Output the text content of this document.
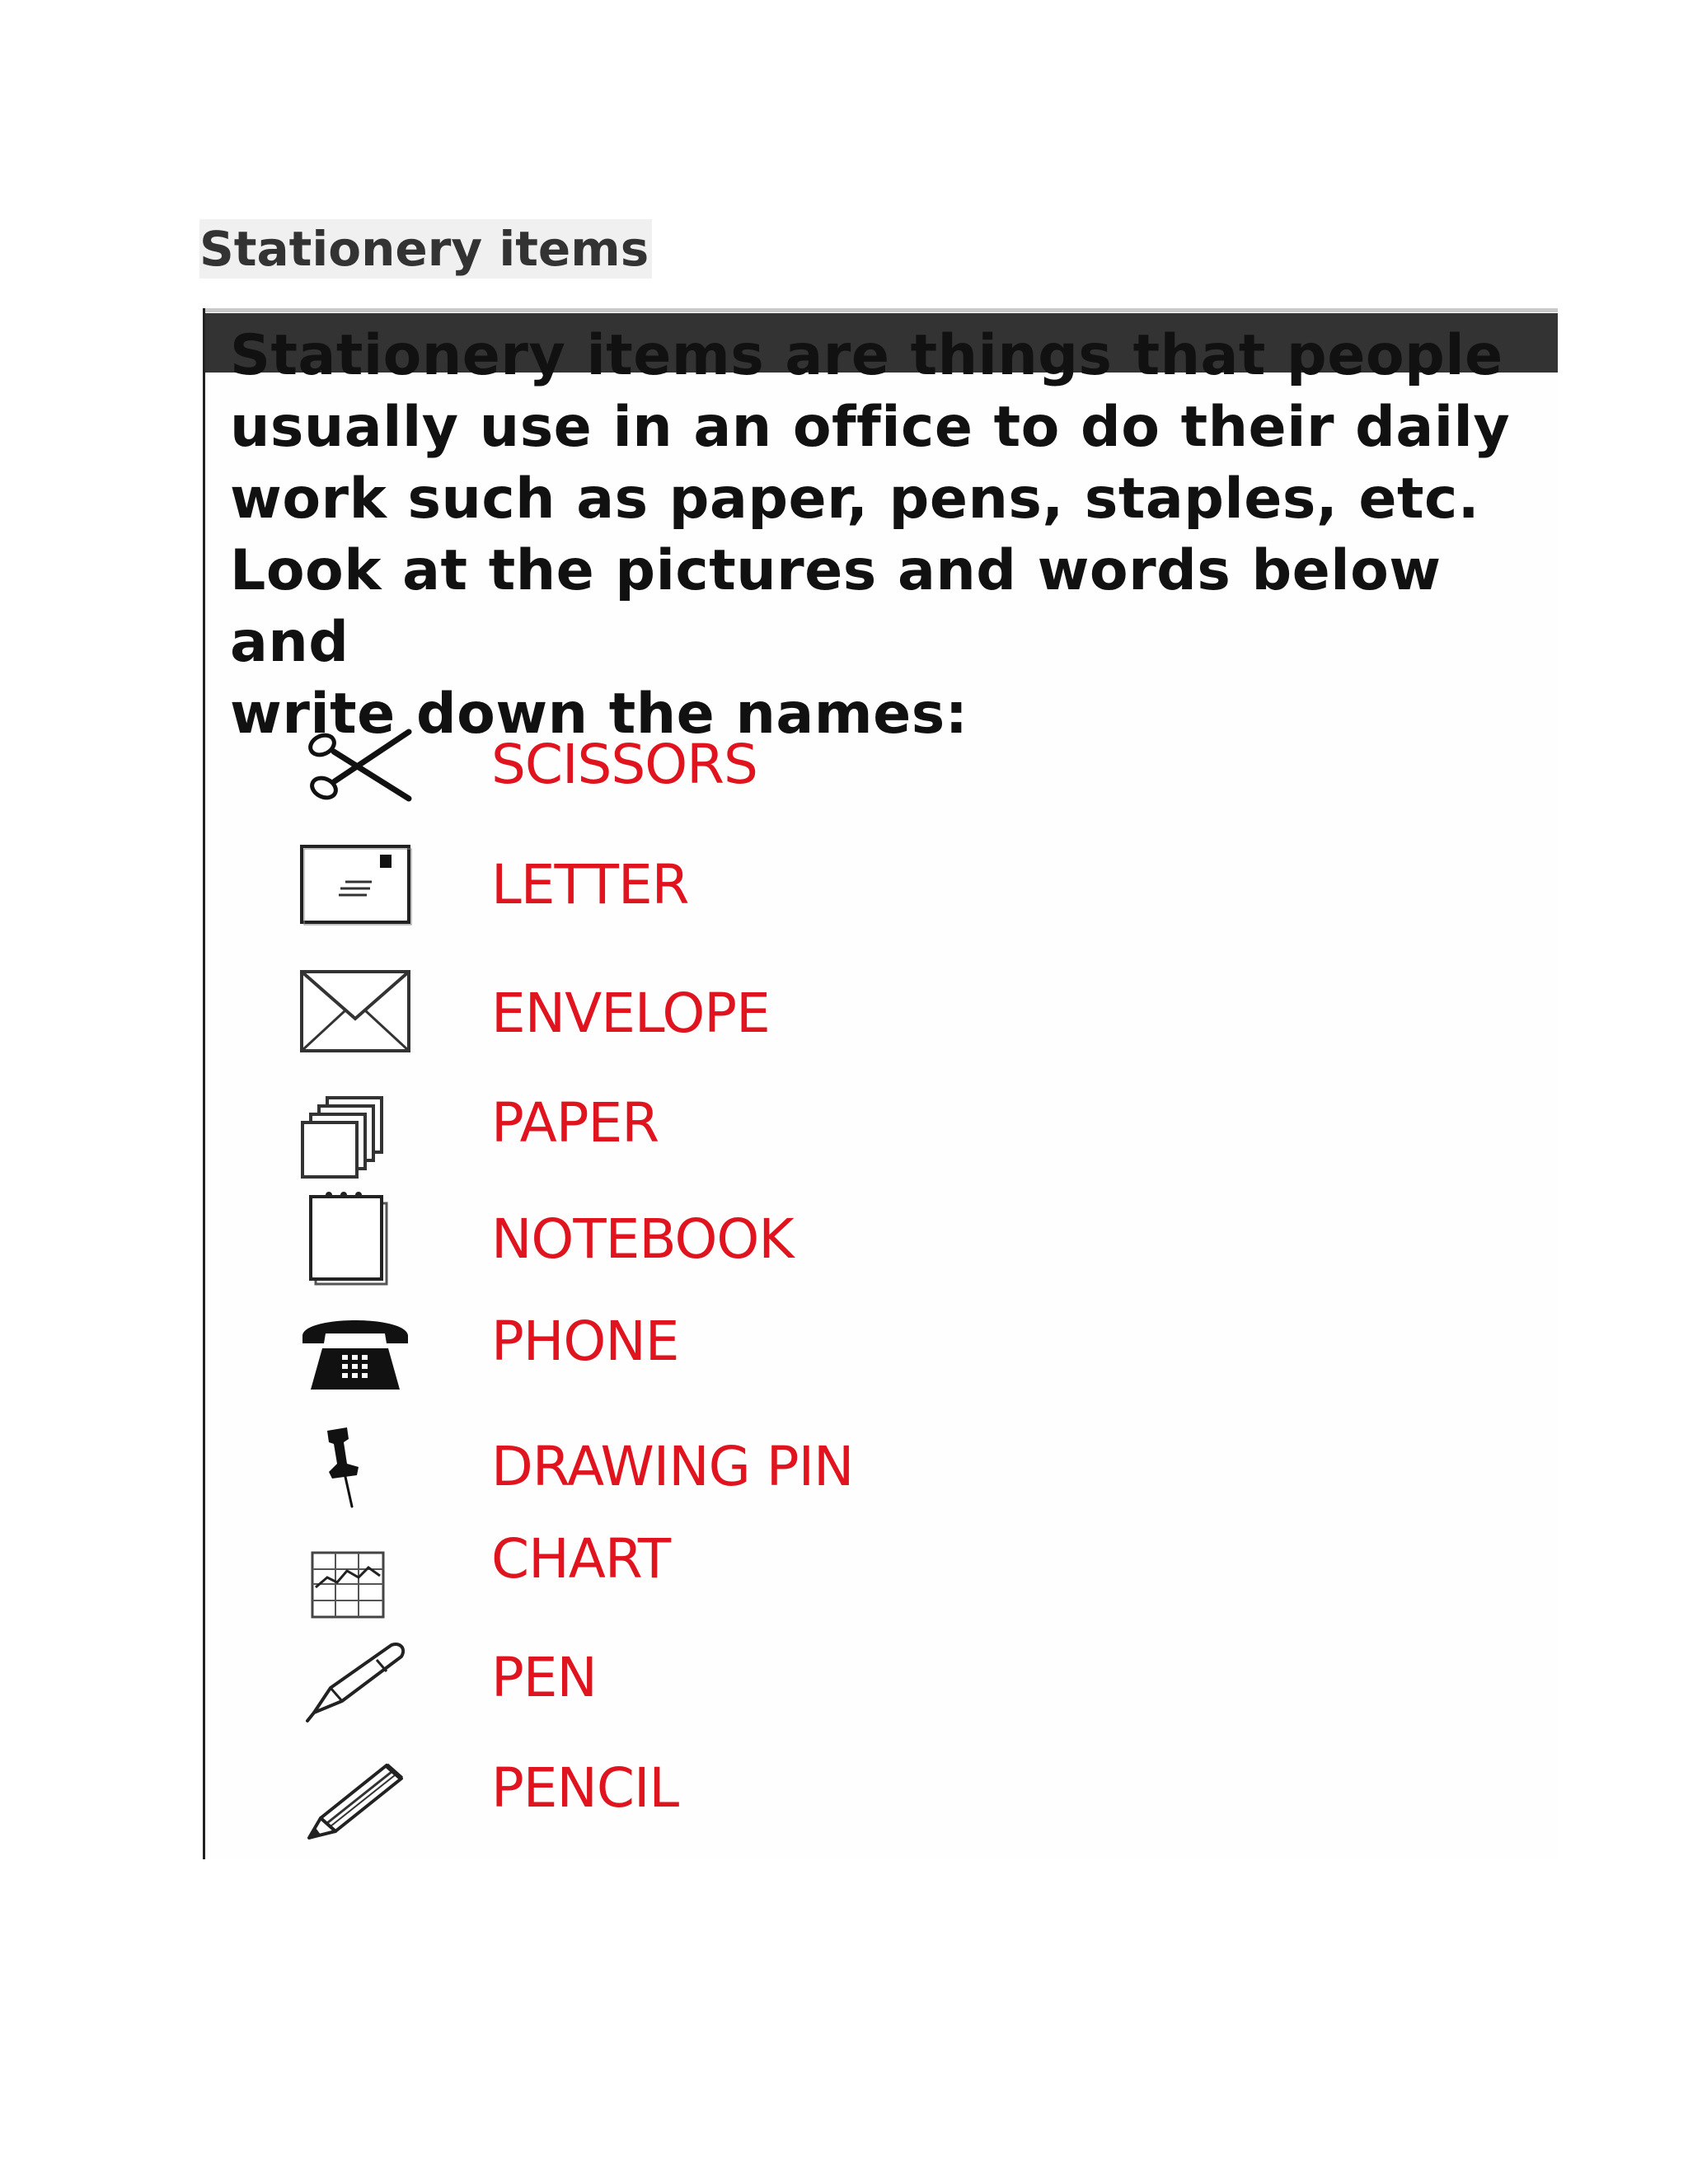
Stationery items
Stationery items are things that people
usually use in an office to do their daily
work such as paper, pens, staples, etc.
Look at the pictures and words below and
write down the names:
SCISSORS
LETTER
ENVELOPE
PAPER
NOTEBOOK
PHONE
DRAWING PIN
CHART
PEN
PENCIL
